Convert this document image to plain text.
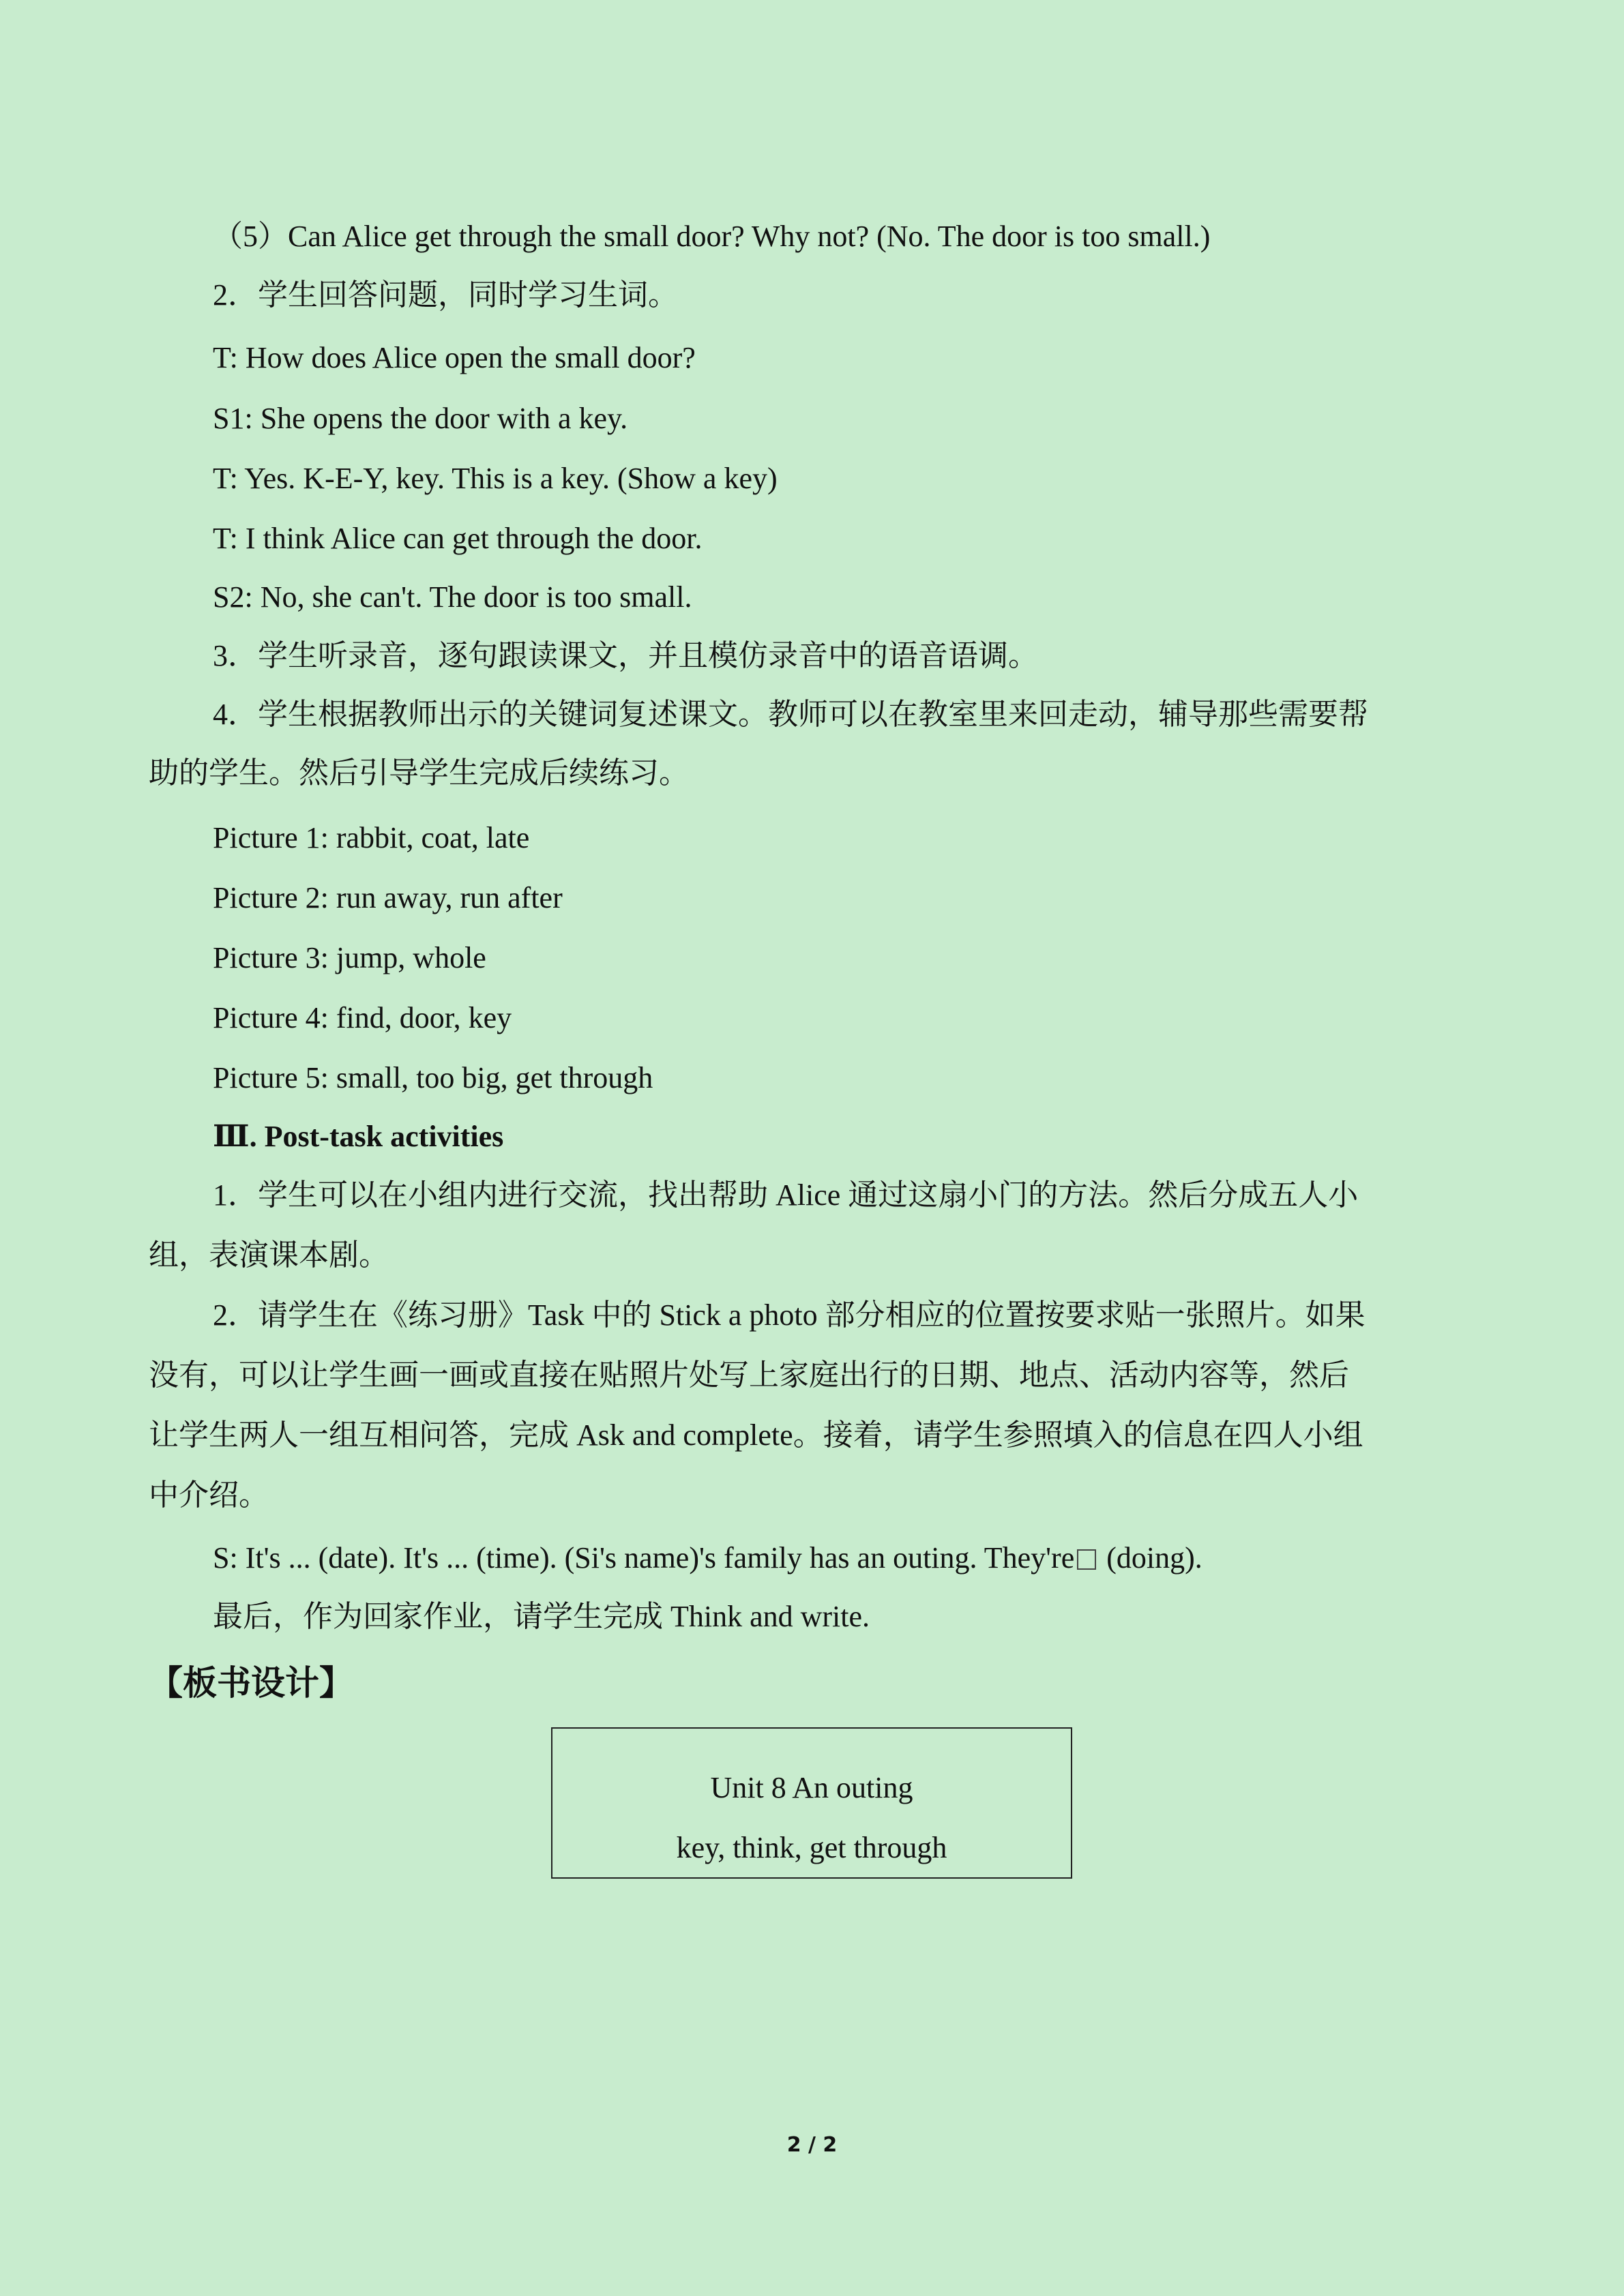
（5）Can Alice get through the small door? Why not? (No. The door is too small.)
2．学生回答问题，同时学习生词。
T: How does Alice open the small door?
S1: She opens the door with a key.
T: Yes. K-E-Y, key. This is a key. (Show a key)
T: I think Alice can get through the door.
S2: No, she can't. The door is too small.
3．学生听录音，逐句跟读课文，并且模仿录音中的语音语调。
4．学生根据教师出示的关键词复述课文。教师可以在教室里来回走动，辅导那些需要帮
助的学生。然后引导学生完成后续练习。
Picture 1: rabbit, coat, late
Picture 2: run away, run after
Picture 3: jump, whole
Picture 4: find, door, key
Picture 5: small, too big, get through
Ⅲ. Post-task activities
1．学生可以在小组内进行交流，找出帮助 Alice 通过这扇小门的方法。然后分成五人小
组，表演课本剧。
2．请学生在《练习册》Task 中的 Stick a photo 部分相应的位置按要求贴一张照片。如果
没有，可以让学生画一画或直接在贴照片处写上家庭出行的日期、地点、活动内容等，然后
让学生两人一组互相问答，完成 Ask and complete。接着，请学生参照填入的信息在四人小组
中介绍。
S: It's ... (date). It's ... (time). (Si's name)'s family has an outing. They're (doing).
最后，作为回家作业，请学生完成 Think and write.
【板书设计】
Unit 8 An outing
key, think, get through
2 / 2
